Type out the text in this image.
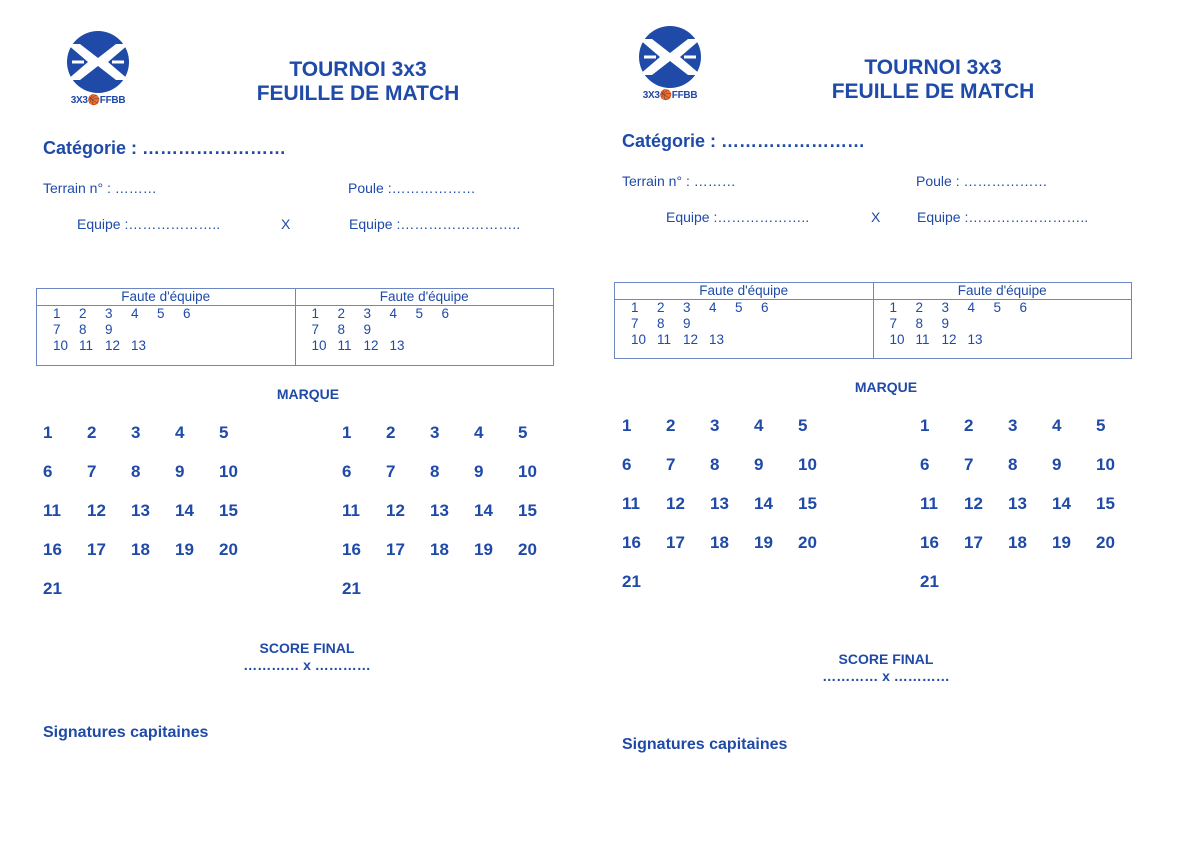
3X3🏀FFBB
TOURNOI 3x3
FEUILLE DE MATCH
Catégorie : ……………………
Terrain n° : ………	Poule :………………
Equipe :………………..	X	Equipe :……………………..
Faute d'équipe
1	2	3	4	5	6
7	8	9
10 11 12 13
Faute d'équipe
1	2	3	4	5	6
7	8	9
10 11 12 13
MARQUE
1	2	3	4	5
6	7	8	9	10
11	12	13	14	15
16	17	18	19	20
21
1	2	3	4	5
6	7	8	9	10
11	12	13	14	15
16	17	18	19	20
21
SCORE FINAL
………… x …………
Signatures capitaines
3X3🏀FFBB
TOURNOI 3x3
FEUILLE DE MATCH
Catégorie : ……………………
Terrain n° : ………	Poule : ………………
Equipe :………………..	X	Equipe :……………………..
Faute d'équipe
1	2	3	4	5	6
7	8	9
10 11 12 13
Faute d'équipe
1	2	3	4	5	6
7	8	9
10 11 12 13
MARQUE
1	2	3	4	5
6	7	8	9	10
11	12	13	14	15
16	17	18	19	20
21
1	2	3	4	5
6	7	8	9	10
11	12	13	14	15
16	17	18	19	20
21
SCORE FINAL
………… x …………
Signatures capitaines
